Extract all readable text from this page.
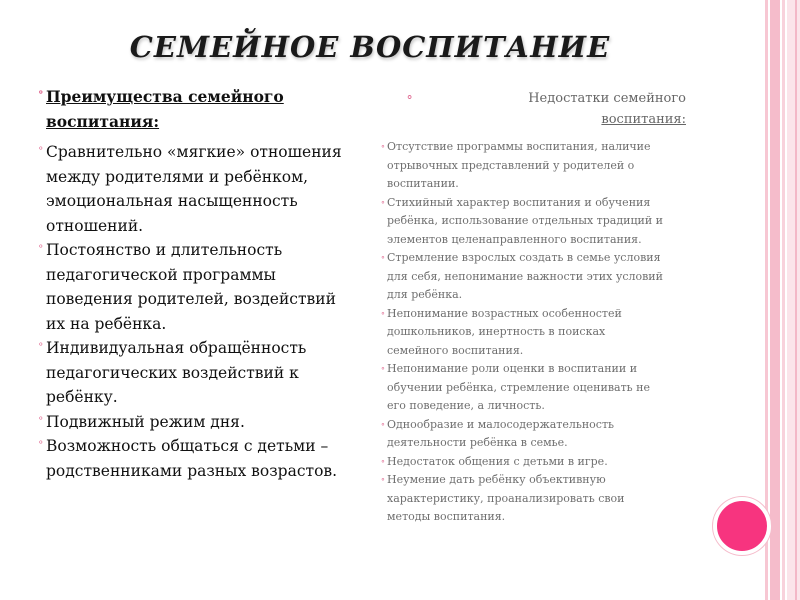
СЕМЕЙНОЕ ВОСПИТАНИЕ
⚬ Преимущества семейного
воспитания:
⚬ Сравнительно «мягкие» отношения
между родителями и ребёнком,
эмоциональная насыщенность
отношений.
⚬ Постоянство и длительность
педагогической программы
поведения родителей, воздействий
их на ребёнка.
⚬ Индивидуальная обращённость
педагогических воздействий к
ребёнку.
⚬ Подвижный режим дня.
⚬ Возможность общаться с детьми –
родственниками разных возрастов.
⚬	Недостатки семейного
воспитания:
⚬ Отсутствие программы воспитания, наличие
отрывочных представлений у родителей о
воспитании.
⚬ Стихийный характер воспитания и обучения
ребёнка, использование отдельных традиций и
элементов целенаправленного воспитания.
⚬ Стремление взрослых создать в семье условия
для себя, непонимание важности этих условий
для ребёнка.
⚬ Непонимание возрастных особенностей
дошкольников, инертность в поисках
семейного воспитания.
⚬ Непонимание роли оценки в воспитании и
обучении ребёнка, стремление оценивать не
его поведение, а личность.
⚬ Однообразие и малосодержательность
деятельности ребёнка в семье.
⚬ Недостаток общения с детьми в игре.
⚬ Неумение дать ребёнку объективную
характеристику, проанализировать свои
методы воспитания.
